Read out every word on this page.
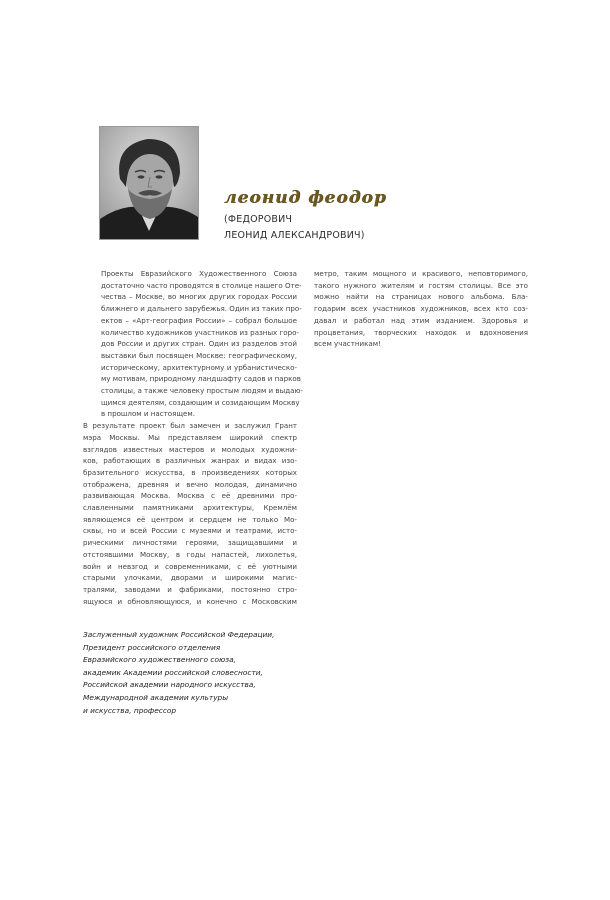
леонид феодор
(ФЕДОРОВИЧ
ЛЕОНИД АЛЕКСАНДРОВИЧ)

Проекты Евразийского Художественного Союза
достаточно часто проводятся в столице нашего Оте-
чества – Москве, во многих других городах России
ближнего и дальнего зарубежья. Один из таких про-
ектов – «Арт-география России» – собрал большое
количество художников участников из разных горо-
дов России и других стран. Один из разделов этой
выставки был посвящен Москве: географическому,
историческому, архитектурному и урбанистическо-
му мотивам, природному ландшафту садов и парков
столицы, а также человеку простым людям и выдаю-
щимся деятелям, создающим и созидающим Москву
в прошлом и настоящем.

В результате проект был замечен и заслужил Грант
мэра Москвы. Мы представляем широкий спектр
взглядов известных мастеров и молодых художни-
ков, работающих в различных жанрах и видах изо-
бразительного искусства, в произведениях которых
отображена, древняя и вечно молодая, динамично
развивающая Москва. Москва с её древними про-
славленными памятниками архитектуры, Кремлём
являющемся её центром и сердцем не только Мо-
сквы, но и всей России с музеями и театрами, исто-
рическими личностями героями, защищавшими и
отстоявшими Москву, в годы напастей, лихолетья,
войн и невзгод и современниками, с её уютными
старыми улочками, дворами и широкими магис-
тралями, заводами и фабриками, постоянно стро-
ящуюся и обновляющуюся, и конечно с Московским

метро, таким мощного и красивого, неповторимого,
такого нужного жителям и гостям столицы. Все это
можно найти на страницах нового альбома. Бла-
годарим всех участников художников, всех кто соз-
давал и работал над этим изданием. Здоровья и
процветания, творческих находок и вдохновения
всем участникам!

Заслуженный художник Российской Федерации,
Президент российского отделения
Евразийского художественного союза,
академик Академии российской словесности,
Российской академии народного искусства,
Международной академии культуры
и искусства, профессор
